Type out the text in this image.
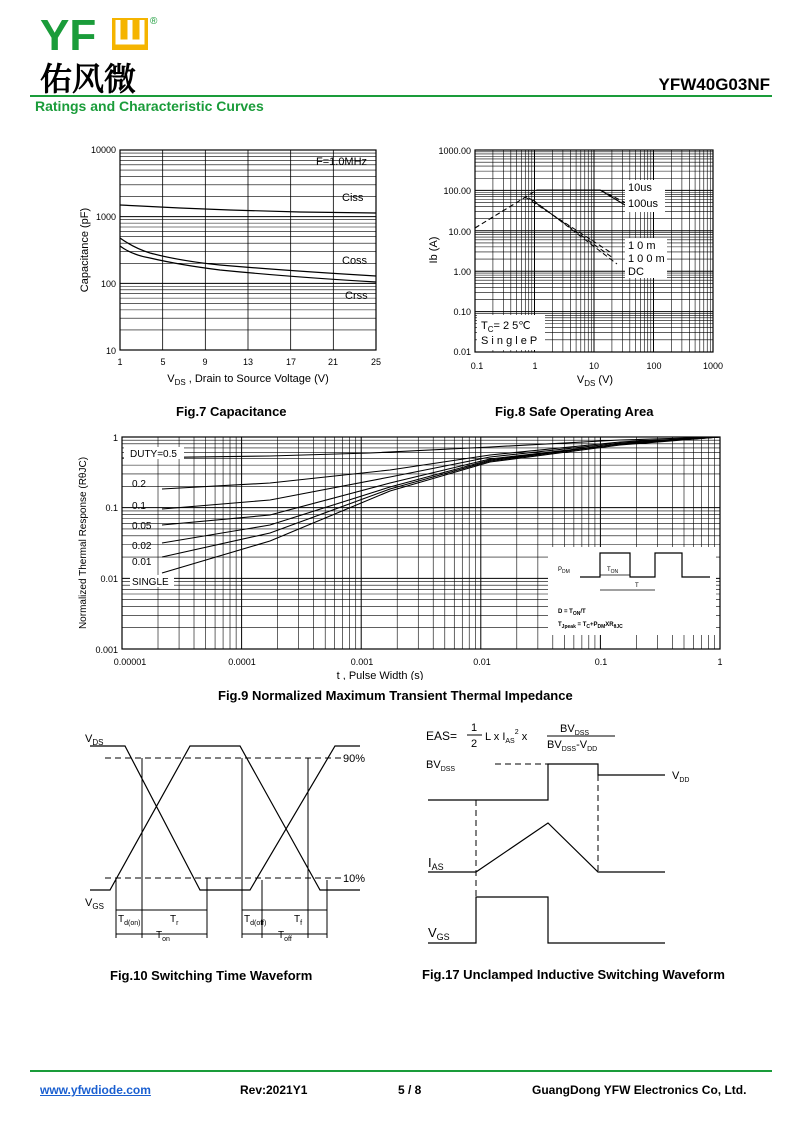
YF	®
佑风微	YFW40G03NF
Ratings and Characteristic Curves
F=1.0MHz
Ciss
Coss
Crss
10000
1000
100
10
1	5	9	13	17	21	25
$V_{DS}$ , Drain to Source Voltage (V)
Capacitance (pF)
Fig.7 Capacitance
10us
100us
1 0 m
1 0 0 m
DC
$T_C= 2$ 5℃
S i n g l e P
1000.00
100.00
10.00
1.00
0.10
0.01
0.1	1	10	100	1000
$V_{DS}$ (V)
Ib (A)
Fig.8 Safe Operating Area
DUTY=0.5
0.2
0.1
0.05
0.02
0.01
SINGLE
$P_{DM}$	$T_{ON}$
T
$D = T_{ON}/T$
$T_{Jpeak} = T_C+P_{DM}XR_{\theta JC}$
1
0.1
0.01
0.001
0.00001	0.0001	0.001	0.01	0.1	1
t , Pulse Width (s)
Normalized Thermal Response (RθJC)
Fig.9 Normalized Maximum Transient Thermal Impedance
$V_{DS}$
$V_{GS}$
90%
10%
$T_{d(on)}$	$T_r$	$T_{d(off)}$	$T_f$
$T_{on}$	$T_{off}$
Fig.10 Switching Time Waveform
EAS=
1
2
L x $I_{AS}^2$ x
$BV_{DSS}$
$BV_{DSS}-V_{DD}$
$BV_{DSS}$
$V_{DD}$
$I_{AS}$
$V_{GS}$
Fig.17 Unclamped Inductive Switching Waveform
www.yfwdiode.com	Rev:2021Y1	5 / 8	GuangDong YFW Electronics Co, Ltd.
